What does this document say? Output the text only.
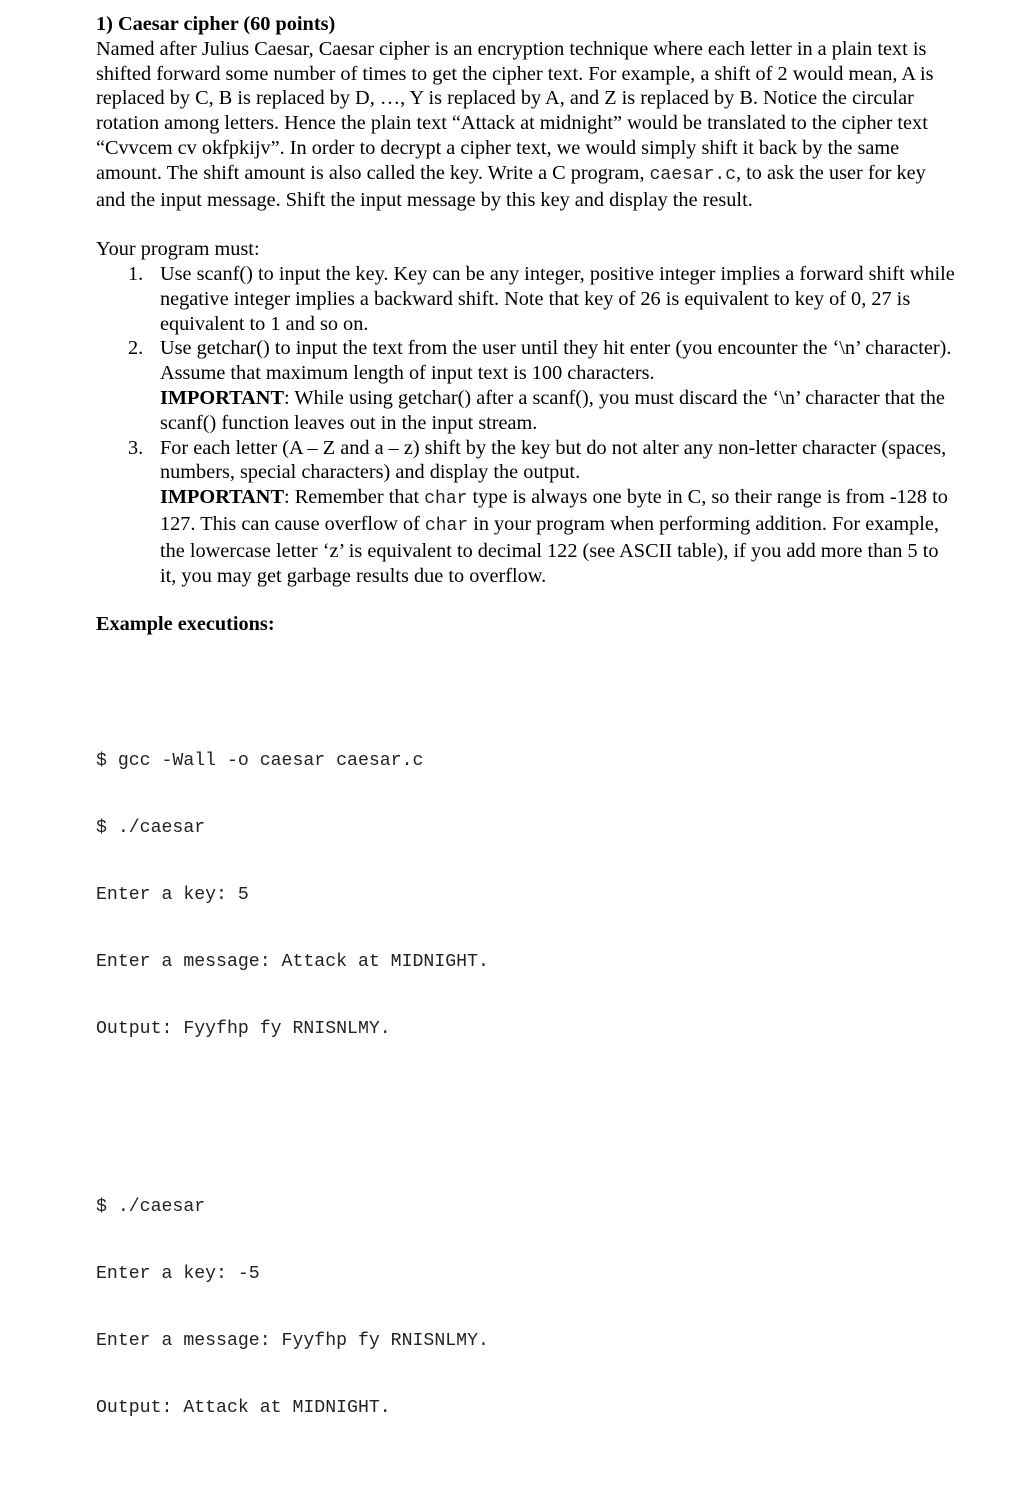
1) Caesar cipher (60 points)

Named after Julius Caesar, Caesar cipher is an encryption technique where each letter in a plain text is shifted forward some number of times to get the cipher text. For example, a shift of 2 would mean, A is replaced by C, B is replaced by D, …, Y is replaced by A, and Z is replaced by B. Notice the circular rotation among letters. Hence the plain text “Attack at midnight” would be translated to the cipher text “Cvvcem cv okfpkijv”. In order to decrypt a cipher text, we would simply shift it back by the same amount. The shift amount is also called the key. Write a C program, caesar.c, to ask the user for key and the input message. Shift the input message by this key and display the result.

Your program must:

1. Use scanf() to input the key. Key can be any integer, positive integer implies a forward shift while negative integer implies a backward shift. Note that key of 26 is equivalent to key of 0, 27 is equivalent to 1 and so on.
2. Use getchar() to input the text from the user until they hit enter (you encounter the ‘\n’ character). Assume that maximum length of input text is 100 characters.
IMPORTANT: While using getchar() after a scanf(), you must discard the ‘\n’ character that the scanf() function leaves out in the input stream.
3. For each letter (A – Z and a – z) shift by the key but do not alter any non-letter character (spaces, numbers, special characters) and display the output.
IMPORTANT: Remember that char type is always one byte in C, so their range is from -128 to 127. This can cause overflow of char in your program when performing addition. For example, the lowercase letter ‘z’ is equivalent to decimal 122 (see ASCII table), if you add more than 5 to it, you may get garbage results due to overflow.

Example executions:

$ gcc -Wall -o caesar caesar.c

$ ./caesar

Enter a key: 5

Enter a message: Attack at MIDNIGHT.

Output: Fyyfhp fy RNISNLMY.

$ ./caesar

Enter a key: -5

Enter a message: Fyyfhp fy RNISNLMY.

Output: Attack at MIDNIGHT.
